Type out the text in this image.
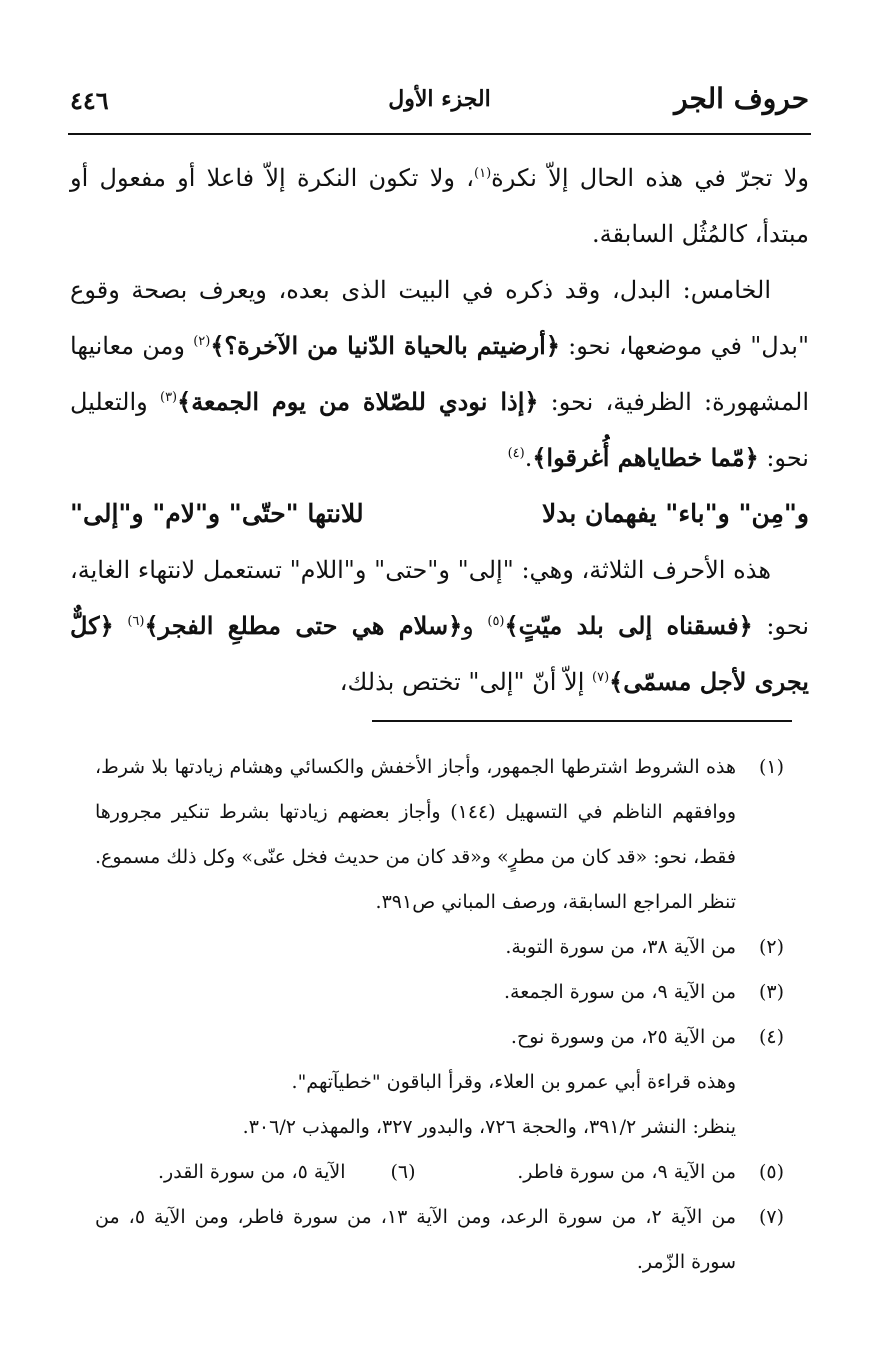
حروف الجر
الجزء الأول
٤٤٦

ولا تجرّ في هذه الحال إلاّ نكرة$^{(١)}$، ولا تكون النكرة إلاّ فاعلا أو مفعول أو مبتدأ، كالمُثُل السابقة.

الخامس: البدل، وقد ذكره في البيت الذى بعده، ويعرف بصحة وقوع "بدل" في موضعها، نحو: ﴿أرضيتم بالحياة الدّنيا من الآخرة؟﴾$^{(٢)}$ ومن معانيها المشهورة: الظرفية، نحو: ﴿إذا نودي للصّلاة من يوم الجمعة﴾$^{(٣)}$ والتعليل نحو: ﴿مّما خطاياهم أُغرقوا﴾.$^{(٤)}$

و"مِن" و"باء" يفهمان بدلا
للانتها "حتّى" و"لام" و"إلى"

هذه الأحرف الثلاثة، وهي: "إلى" و"حتى" و"اللام" تستعمل لانتهاء الغاية، نحو: ﴿فسقناه إلى بلد ميّتٍ﴾$^{(٥)}$ و﴿سلام هي حتى مطلعِ الفجر﴾$^{(٦)}$ ﴿كلٌّ يجرى لأجل مسمّى﴾$^{(٧)}$ إلاّ أنّ "إلى" تختص بذلك،

(١)
هذه الشروط اشترطها الجمهور، وأجاز الأخفش والكسائي وهشام زيادتها بلا شرط، ووافقهم الناظم في التسهيل (١٤٤) وأجاز بعضهم زيادتها بشرط تنكير مجرورها فقط، نحو: «قد كان من مطرٍ» و«قد كان من حديث فخل عنّى» وكل ذلك مسموع. تنظر المراجع السابقة، ورصف المباني ص٣٩١.
(٢)
من الآية ٣٨، من سورة التوبة.
(٣)
من الآية ٩، من سورة الجمعة.
(٤)
من الآية ٢٥، من وسورة نوح.
وهذه قراءة أبي عمرو بن العلاء، وقرأ الباقون "خطيآتهم".
ينظر: النشر ٣٩١/٢، والحجة ٧٢٦، والبدور ٣٢٧، والمهذب ٣٠٦/٢.
(٥)
من الآية ٩، من سورة فاطر.
(٦)
الآية ٥، من سورة القدر.
(٧)
من الآية ٢، من سورة الرعد، ومن الآية ١٣، من سورة فاطر، ومن الآية ٥، من سورة الزّمر.
